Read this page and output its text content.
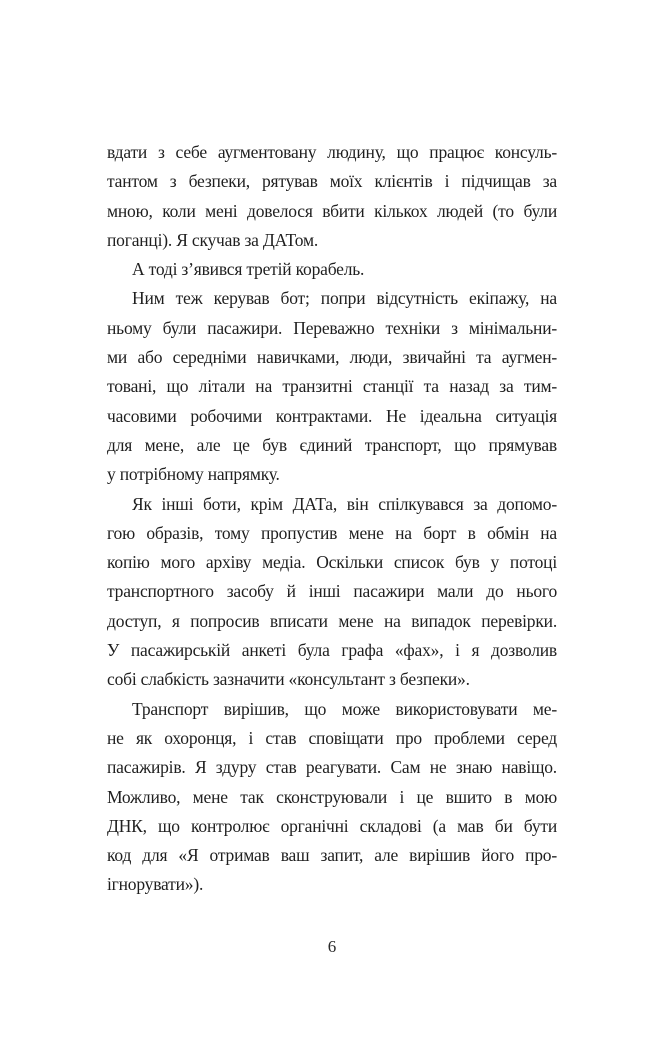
вдати з себе аугментовану людину, що працює консуль-
тантом з безпеки, рятував моїх клієнтів і підчищав за
мною, коли мені довелося вбити кількох людей (то були
поганці). Я скучав за ДАТом.

А тоді з’явився третій корабель.

Ним теж керував бот; попри відсутність екіпажу, на
ньому були пасажири. Переважно техніки з мінімальни-
ми або середніми навичками, люди, звичайні та аугмен-
товані, що літали на транзитні станції та назад за тим-
часовими робочими контрактами. Не ідеальна ситуація
для мене, але це був єдиний транспорт, що прямував
у потрібному напрямку.

Як інші боти, крім ДАТа, він спілкувався за допомо-
гою образів, тому пропустив мене на борт в обмін на
копію мого архіву медіа. Оскільки список був у потоці
транспортного засобу й інші пасажири мали до нього
доступ, я попросив вписати мене на випадок перевірки.
У пасажирській анкеті була графа «фах», і я дозволив
собі слабкість зазначити «консультант з безпеки».

Транспорт вирішив, що може використовувати ме-
не як охоронця, і став сповіщати про проблеми серед
пасажирів. Я здуру став реагувати. Сам не знаю навіщо.
Можливо, мене так сконструювали і це вшито в мою
ДНК, що контролює органічні складові (а мав би бути
код для «Я отримав ваш запит, але вирішив його про-
ігнорувати»).

6
